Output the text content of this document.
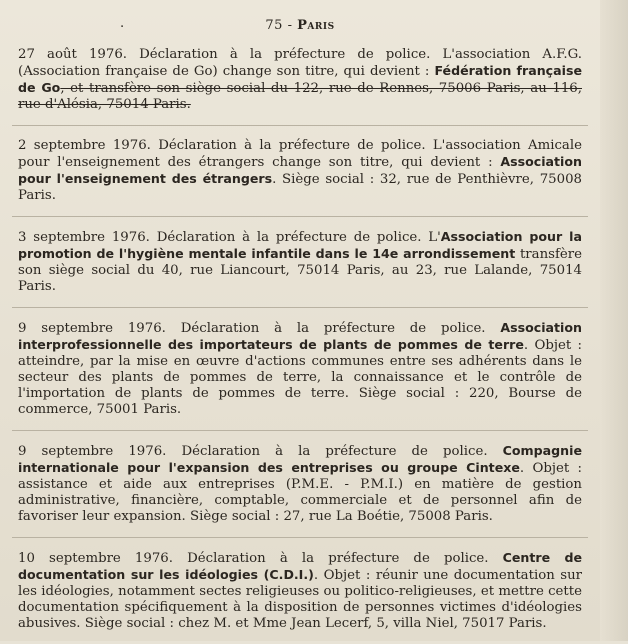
.	75 - Paris

27 août 1976. Déclaration à la préfecture de police. L'association A.F.G. (Association française de Go) change son titre, qui devient : Fédération française de Go, et transfère son siège social du 122, rue de Rennes, 75006 Paris, au 116, rue d'Alésia, 75014 Paris.

2 septembre 1976. Déclaration à la préfecture de police. L'association Amicale pour l'enseignement des étrangers change son titre, qui devient : Association pour l'enseignement des étrangers. Siège social : 32, rue de Penthièvre, 75008 Paris.

3 septembre 1976. Déclaration à la préfecture de police. L'Association pour la promotion de l'hygiène mentale infantile dans le 14e arrondissement transfère son siège social du 40, rue Liancourt, 75014 Paris, au 23, rue Lalande, 75014 Paris.

9 septembre 1976. Déclaration à la préfecture de police. Association interprofessionnelle des importateurs de plants de pommes de terre. Objet : atteindre, par la mise en œuvre d'actions communes entre ses adhérents dans le secteur des plants de pommes de terre, la connaissance et le contrôle de l'importation de plants de pommes de terre. Siège social : 220, Bourse de commerce, 75001 Paris.

9 septembre 1976. Déclaration à la préfecture de police. Compagnie internationale pour l'expansion des entreprises ou groupe Cintexe. Objet : assistance et aide aux entreprises (P.M.E. - P.M.I.) en matière de gestion administrative, financière, comptable, commerciale et de personnel afin de favoriser leur expansion. Siège social : 27, rue La Boétie, 75008 Paris.

10 septembre 1976. Déclaration à la préfecture de police. Centre de documentation sur les idéologies (C.D.I.). Objet : réunir une documentation sur les idéologies, notamment sectes religieuses ou politico-religieuses, et mettre cette documentation spécifiquement à la disposition de personnes victimes d'idéologies abusives. Siège social : chez M. et Mme Jean Lecerf, 5, villa Niel, 75017 Paris.
